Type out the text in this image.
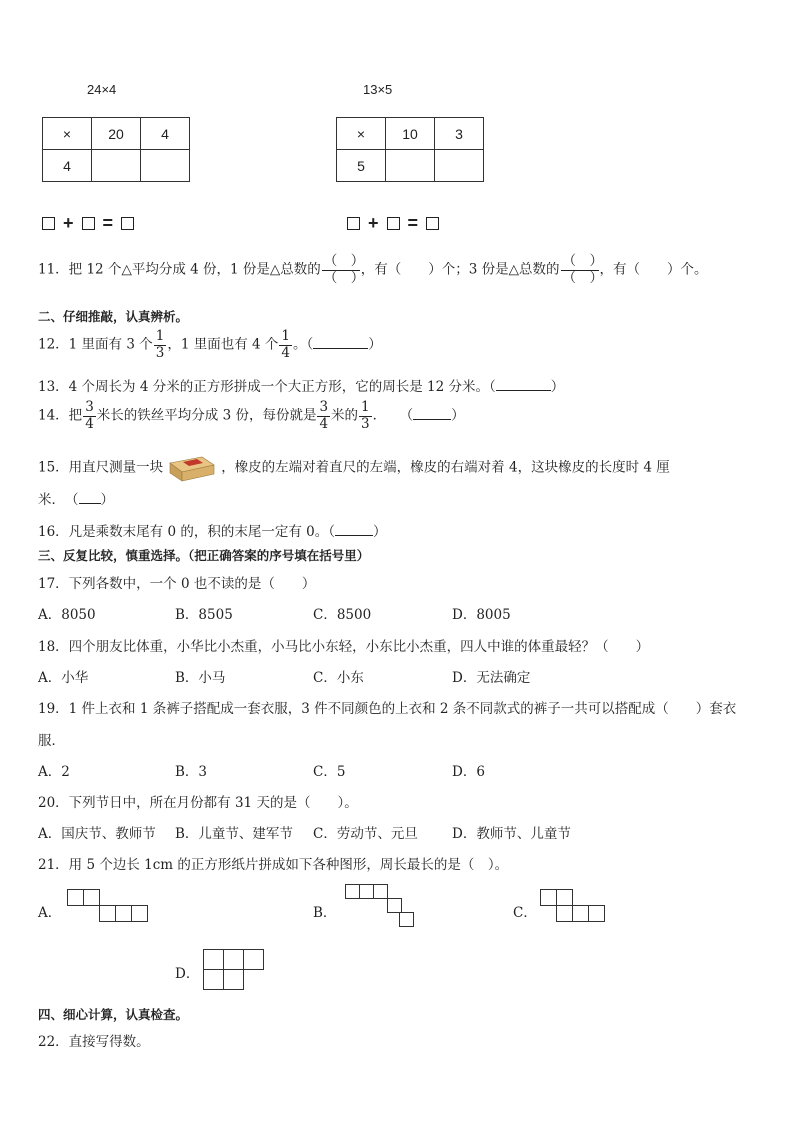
24×4	13×5
×	20	4
4		
×	10	3
5		
+ =	+ =
11．把 12 个△平均分成 4 份，1 份是△总数的 $\frac{( )}{( )}$ ，有（　　）个；3 份是△总数的 $\frac{( )}{( )}$ ，有（　　）个。
二、仔细推敲，认真辨析。
12．1 里面有 3 个 $\frac{1}{3}$ ，1 里面也有 4 个 $\frac{1}{4}$ 。（	）
13．4 个周长为 4 分米的正方形拼成一个大正方形，它的周长是 12 分米。（	）
14．把 $\frac{3}{4}$ 米长的铁丝平均分成 3 份，每份就是 $\frac{3}{4}$ 米的 $\frac{1}{3}$ ．　　（	）
15．用直尺测量一块	，橡皮的左端对着直尺的左端，橡皮的右端对着 4，这块橡皮的长度时 4 厘
米．　（ ）
16．凡是乘数末尾有 0 的，积的末尾一定有 0。（	）
三、反复比较，慎重选择。（把正确答案的序号填在括号里）
17．下列各数中，一个 0 也不读的是（　　）
A．8050	B．8505	C．8500	D．8005
18．四个朋友比体重，小华比小杰重，小马比小东轻，小东比小杰重，四人中谁的体重最轻？（　　）
A．小华	B．小马	C．小东	D．无法确定
19．1 件上衣和 1 条裤子搭配成一套衣服，3 件不同颜色的上衣和 2 条不同款式的裤子一共可以搭配成（　　）套衣
服．
A．2	B．3	C．5	D．6
20．下列节日中，所在月份都有 31 天的是（　　）。
A．国庆节、教师节 B．儿童节、建军节 C．劳动节、元旦	D．教师节、儿童节
21．用 5 个边长 1cm 的正方形纸片拼成如下各种图形，周长最长的是（　）。
A．	B．	C．
D．
四、细心计算，认真检查。
22．直接写得数。
